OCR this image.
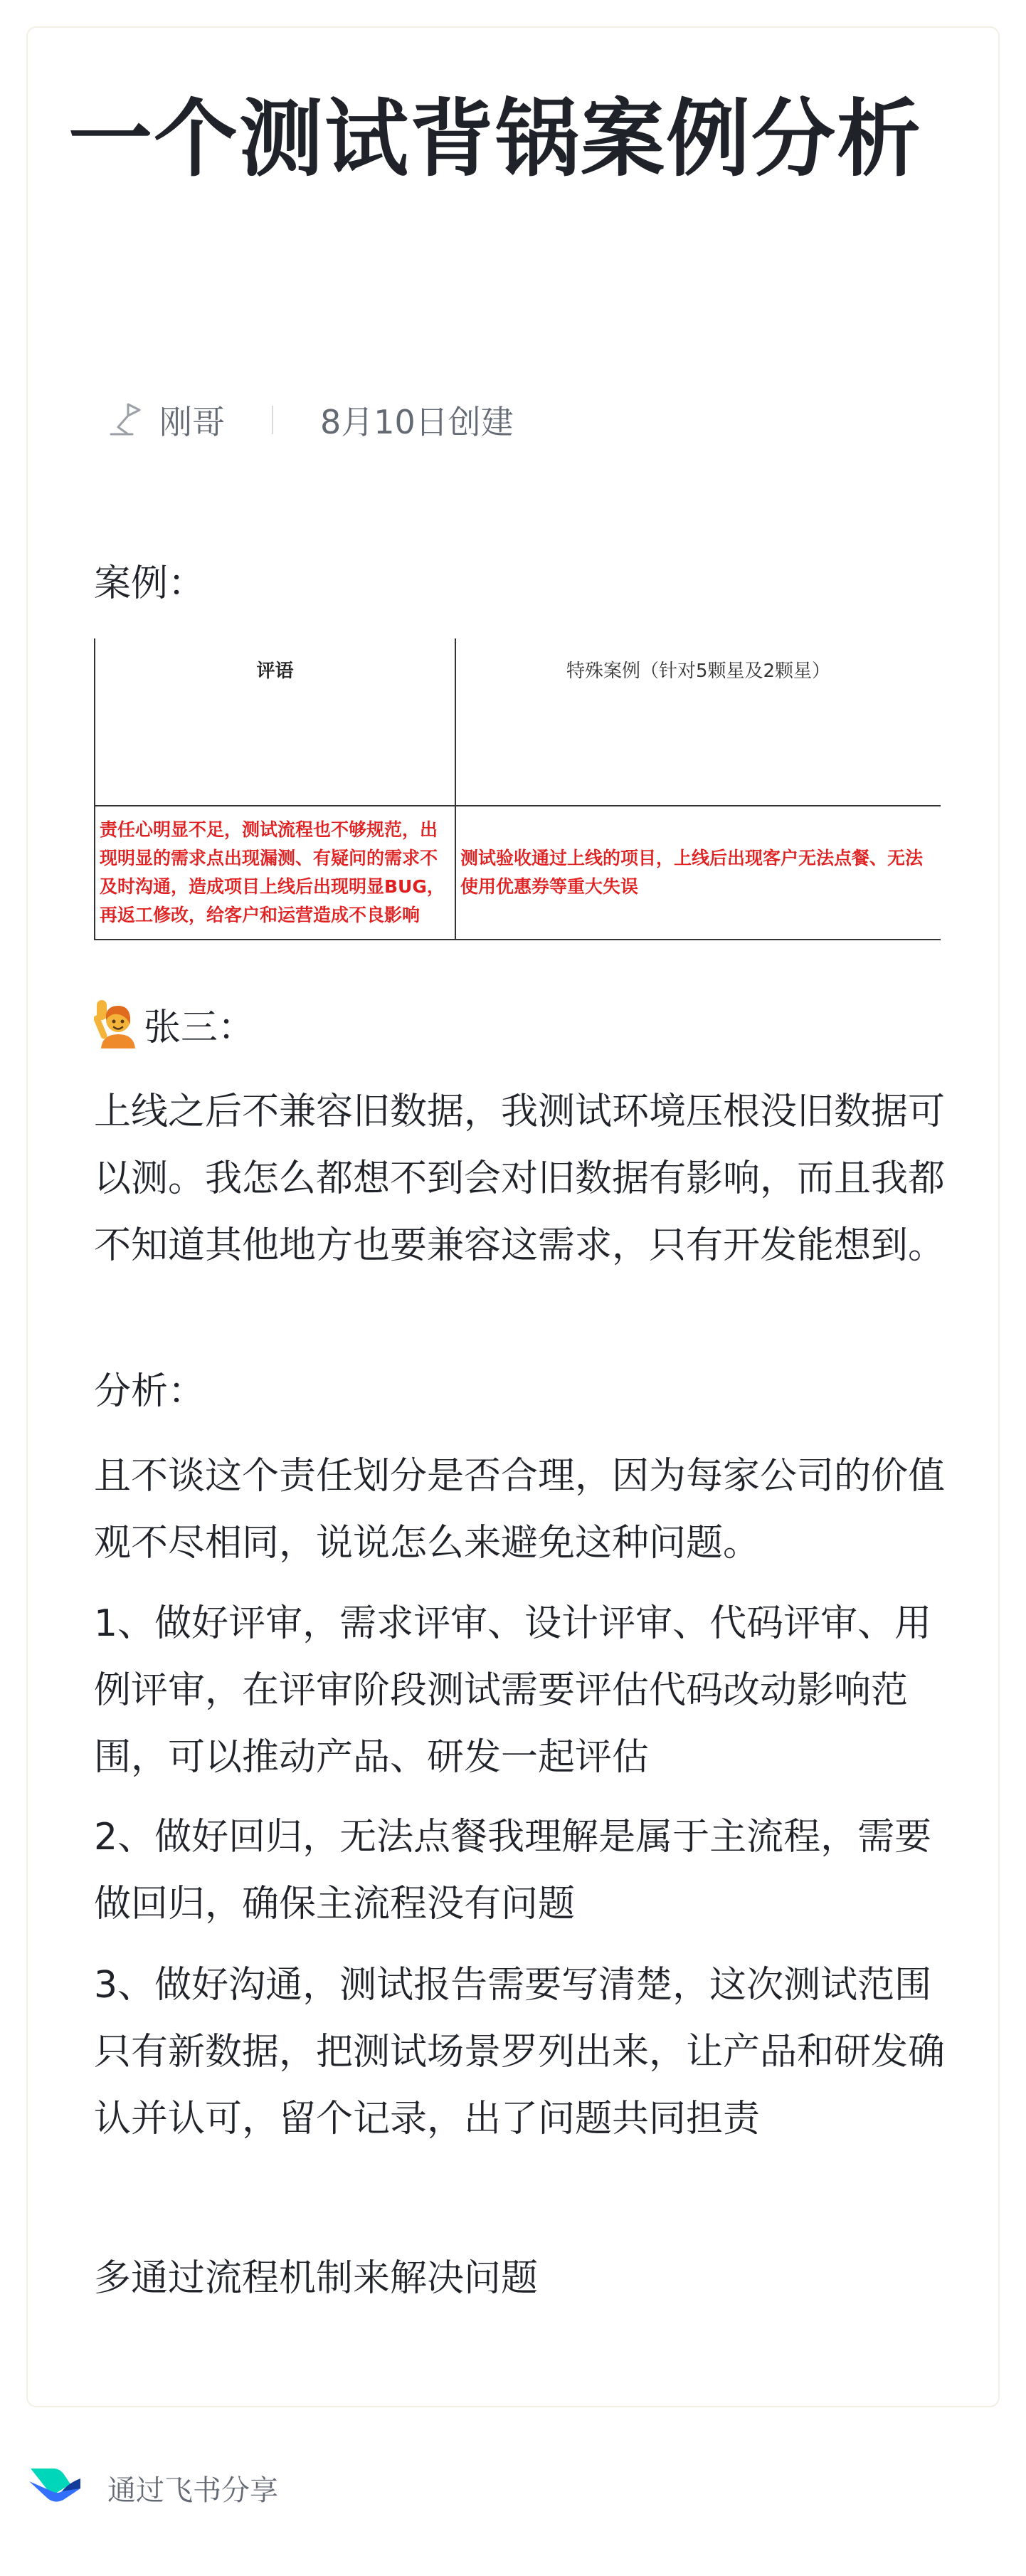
一个测试背锅案例分析
刚哥	8月10日创建

案例：

评语	特殊案例（针对5颗星及2颗星）
责任心明显不足，测试流程也不够规范，出现明显的需求点出现漏测、有疑问的需求不及时沟通，造成项目上线后出现明显BUG，再返工修改，给客户和运营造成不良影响	测试验收通过上线的项目，上线后出现客户无法点餐、无法使用优惠券等重大失误
张三：

上线之后不兼容旧数据，我测试环境压根没旧数据可以测。我怎么都想不到会对旧数据有影响，而且我都不知道其他地方也要兼容这需求，只有开发能想到。

分析：

且不谈这个责任划分是否合理，因为每家公司的价值观不尽相同，说说怎么来避免这种问题。

1、做好评审，需求评审、设计评审、代码评审、用例评审，在评审阶段测试需要评估代码改动影响范围，可以推动产品、研发一起评估

2、做好回归，无法点餐我理解是属于主流程，需要做回归，确保主流程没有问题

3、做好沟通，测试报告需要写清楚，这次测试范围只有新数据，把测试场景罗列出来，让产品和研发确认并认可，留个记录，出了问题共同担责

多通过流程机制来解决问题

通过飞书分享
